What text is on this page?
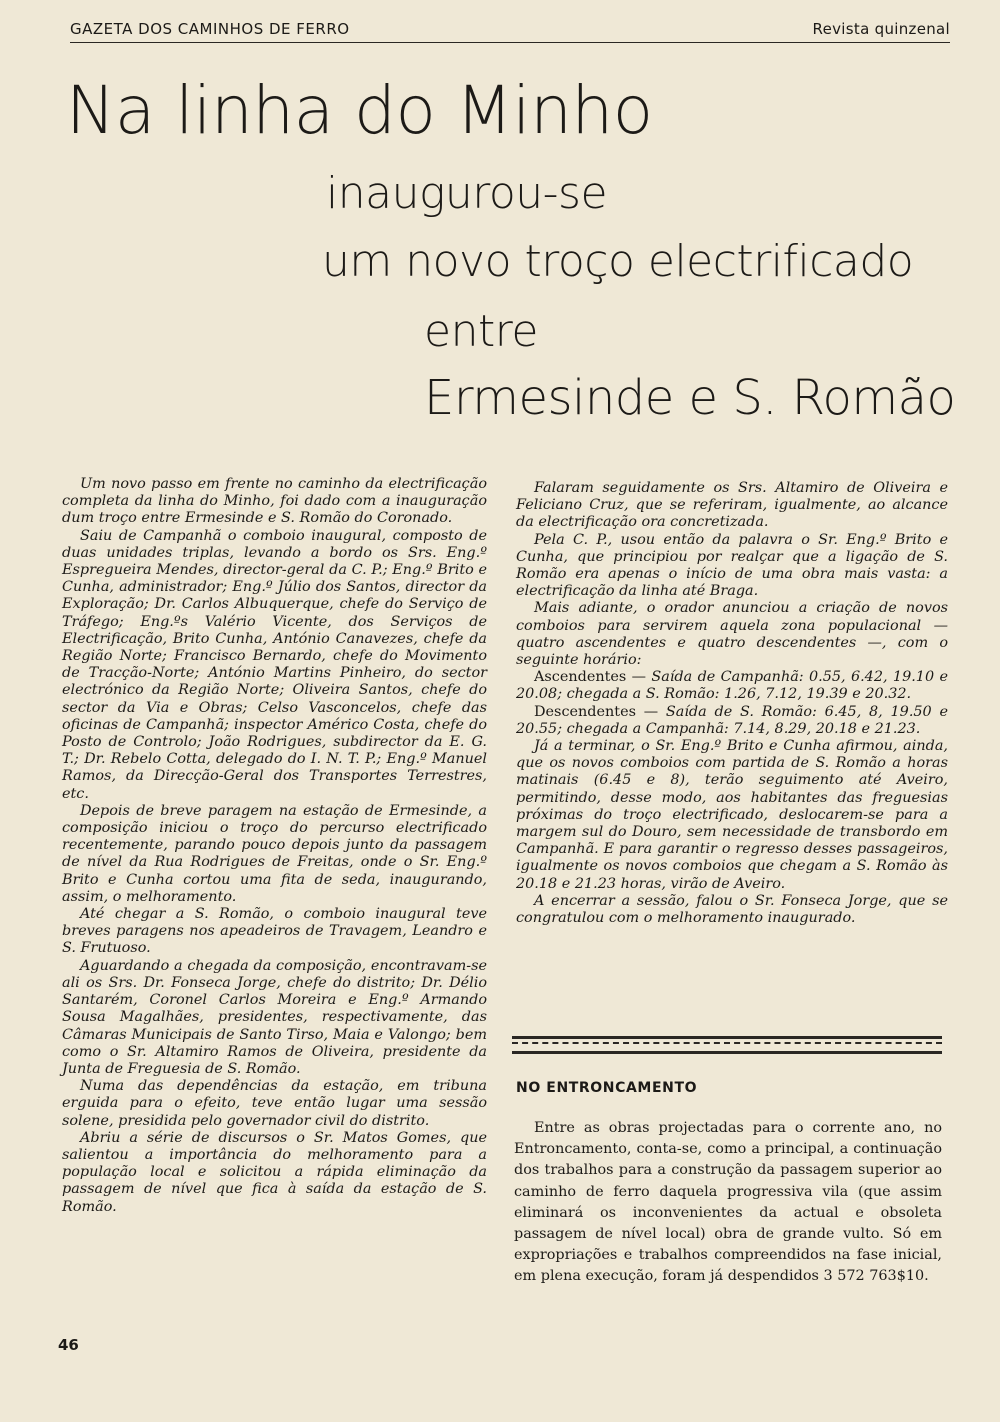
GAZETA DOS CAMINHOS DE FERRO	Revista quinzenal
Na linha do Minho
inaugurou-se
um novo troço electrificado
entre
Ermesinde e S. Romão

Um novo passo em frente no caminho da electrificação completa da linha do Minho, foi dado com a inauguração dum troço entre Ermesinde e S. Romão do Coronado.

Saiu de Campanhã o comboio inaugural, composto de duas unidades triplas, levando a bordo os Srs. Eng.º Espregueira Mendes, director-geral da C. P.; Eng.º Brito e Cunha, administrador; Eng.º Júlio dos Santos, director da Exploração; Dr. Carlos Albuquerque, chefe do Serviço de Tráfego; Eng.ºs Valério Vicente, dos Serviços de Electrificação, Brito Cunha, António Canavezes, chefe da Região Norte; Francisco Bernardo, chefe do Movimento de Tracção-Norte; António Martins Pinheiro, do sector electrónico da Região Norte; Oliveira Santos, chefe do sector da Via e Obras; Celso Vasconcelos, chefe das oficinas de Campanhã; inspector Américo Costa, chefe do Posto de Controlo; João Rodrigues, subdirector da E. G. T.; Dr. Rebelo Cotta, delegado do I. N. T. P.; Eng.º Manuel Ramos, da Direcção-Geral dos Transportes Terrestres, etc.

Depois de breve paragem na estação de Ermesinde, a composição iniciou o troço do percurso electrificado recentemente, parando pouco depois junto da passagem de nível da Rua Rodrigues de Freitas, onde o Sr. Eng.º Brito e Cunha cortou uma fita de seda, inaugurando, assim, o melhoramento.

Até chegar a S. Romão, o comboio inaugural teve breves paragens nos apeadeiros de Travagem, Leandro e S. Frutuoso.

Aguardando a chegada da composição, encontravam-se ali os Srs. Dr. Fonseca Jorge, chefe do distrito; Dr. Délio Santarém, Coronel Carlos Moreira e Eng.º Armando Sousa Magalhães, presidentes, respectivamente, das Câmaras Municipais de Santo Tirso, Maia e Valongo; bem como o Sr. Altamiro Ramos de Oliveira, presidente da Junta de Freguesia de S. Romão.

Numa das dependências da estação, em tribuna erguida para o efeito, teve então lugar uma sessão solene, presidida pelo governador civil do distrito.

Abriu a série de discursos o Sr. Matos Gomes, que salientou a importância do melhoramento para a população local e solicitou a rápida eliminação da passagem de nível que fica à saída da estação de S. Romão.

Falaram seguidamente os Srs. Altamiro de Oliveira e Feliciano Cruz, que se referiram, igualmente, ao alcance da electrificação ora concretizada.

Pela C. P., usou então da palavra o Sr. Eng.º Brito e Cunha, que principiou por realçar que a ligação de S. Romão era apenas o início de uma obra mais vasta: a electrificação da linha até Braga.

Mais adiante, o orador anunciou a criação de novos comboios para servirem aquela zona populacional — quatro ascendentes e quatro descendentes —, com o seguinte horário:

Ascendentes — Saída de Campanhã: 0.55, 6.42, 19.10 e 20.08; chegada a S. Romão: 1.26, 7.12, 19.39 e 20.32.

Descendentes — Saída de S. Romão: 6.45, 8, 19.50 e 20.55; chegada a Campanhã: 7.14, 8.29, 20.18 e 21.23.

Já a terminar, o Sr. Eng.º Brito e Cunha afirmou, ainda, que os novos comboios com partida de S. Romão a horas matinais (6.45 e 8), terão seguimento até Aveiro, permitindo, desse modo, aos habitantes das freguesias próximas do troço electrificado, deslocarem-se para a margem sul do Douro, sem necessidade de transbordo em Campanhã. E para garantir o regresso desses passageiros, igualmente os novos comboios que chegam a S. Romão às 20.18 e 21.23 horas, virão de Aveiro.

A encerrar a sessão, falou o Sr. Fonseca Jorge, que se congratulou com o melhoramento inaugurado.

NO ENTRONCAMENTO

Entre as obras projectadas para o corrente ano, no Entroncamento, conta-se, como a principal, a continuação dos trabalhos para a construção da passagem superior ao caminho de ferro daquela progressiva vila (que assim eliminará os inconvenientes da actual e obsoleta passagem de nível local) obra de grande vulto. Só em expropriações e trabalhos compreendidos na fase inicial, em plena execução, foram já despendidos 3 572 763$10.

46
